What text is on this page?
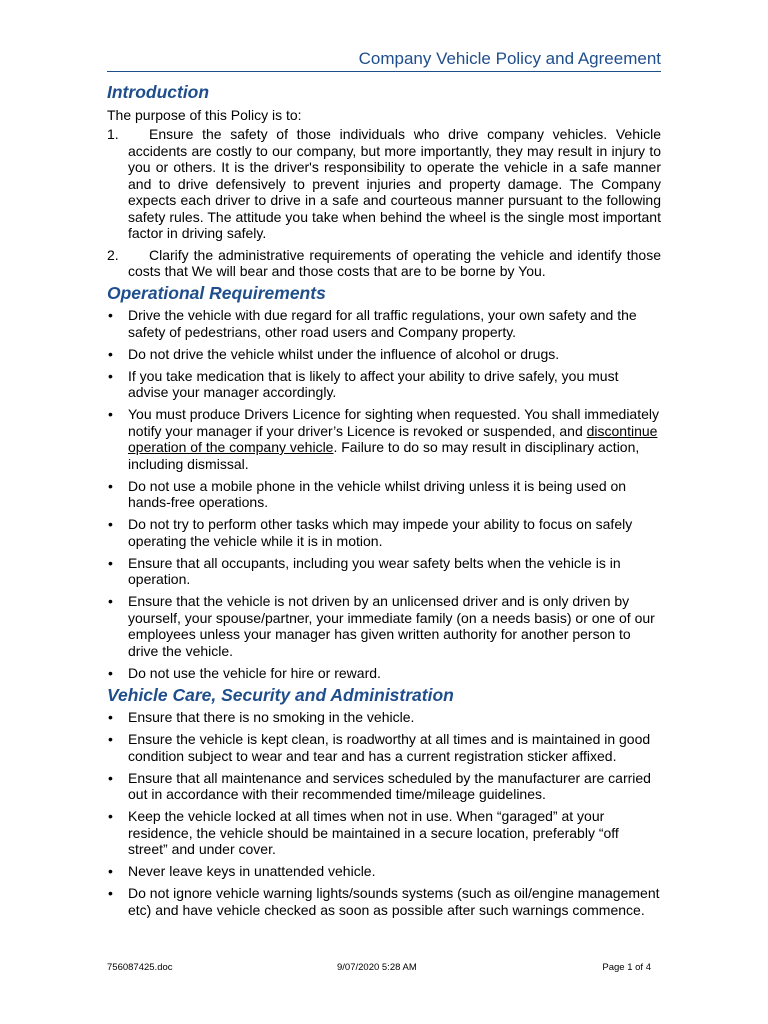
Company Vehicle Policy and Agreement
Introduction

The purpose of this Policy is to:

1. Ensure the safety of those individuals who drive company vehicles. Vehicle accidents are costly to our company, but more importantly, they may result in injury to you or others. It is the driver's responsibility to operate the vehicle in a safe manner and to drive defensively to prevent injuries and property damage. The Company expects each driver to drive in a safe and courteous manner pursuant to the following safety rules. The attitude you take when behind the wheel is the single most important factor in driving safely.
2. Clarify the administrative requirements of operating the vehicle and identify those costs that We will bear and those costs that are to be borne by You.
Operational Requirements
• Drive the vehicle with due regard for all traffic regulations, your own safety and the safety of pedestrians, other road users and Company property.
• Do not drive the vehicle whilst under the influence of alcohol or drugs.
• If you take medication that is likely to affect your ability to drive safely, you must advise your manager accordingly.
• You must produce Drivers Licence for sighting when requested. You shall immediately notify your manager if your driver’s Licence is revoked or suspended, and discontinue operation of the company vehicle. Failure to do so may result in disciplinary action, including dismissal.
• Do not use a mobile phone in the vehicle whilst driving unless it is being used on hands-free operations.
• Do not try to perform other tasks which may impede your ability to focus on safely operating the vehicle while it is in motion.
• Ensure that all occupants, including you wear safety belts when the vehicle is in operation.
• Ensure that the vehicle is not driven by an unlicensed driver and is only driven by yourself, your spouse/partner, your immediate family (on a needs basis) or one of our employees unless your manager has given written authority for another person to drive the vehicle.
• Do not use the vehicle for hire or reward.
Vehicle Care, Security and Administration
• Ensure that there is no smoking in the vehicle.
• Ensure the vehicle is kept clean, is roadworthy at all times and is maintained in good condition subject to wear and tear and has a current registration sticker affixed.
• Ensure that all maintenance and services scheduled by the manufacturer are carried out in accordance with their recommended time/mileage guidelines.
• Keep the vehicle locked at all times when not in use. When “garaged” at your residence, the vehicle should be maintained in a secure location, preferably “off street” and under cover.
• Never leave keys in unattended vehicle.
• Do not ignore vehicle warning lights/sounds systems (such as oil/engine management etc) and have vehicle checked as soon as possible after such warnings commence.
756087425.doc	9/07/2020 5:28 AM	Page 1 of 4
